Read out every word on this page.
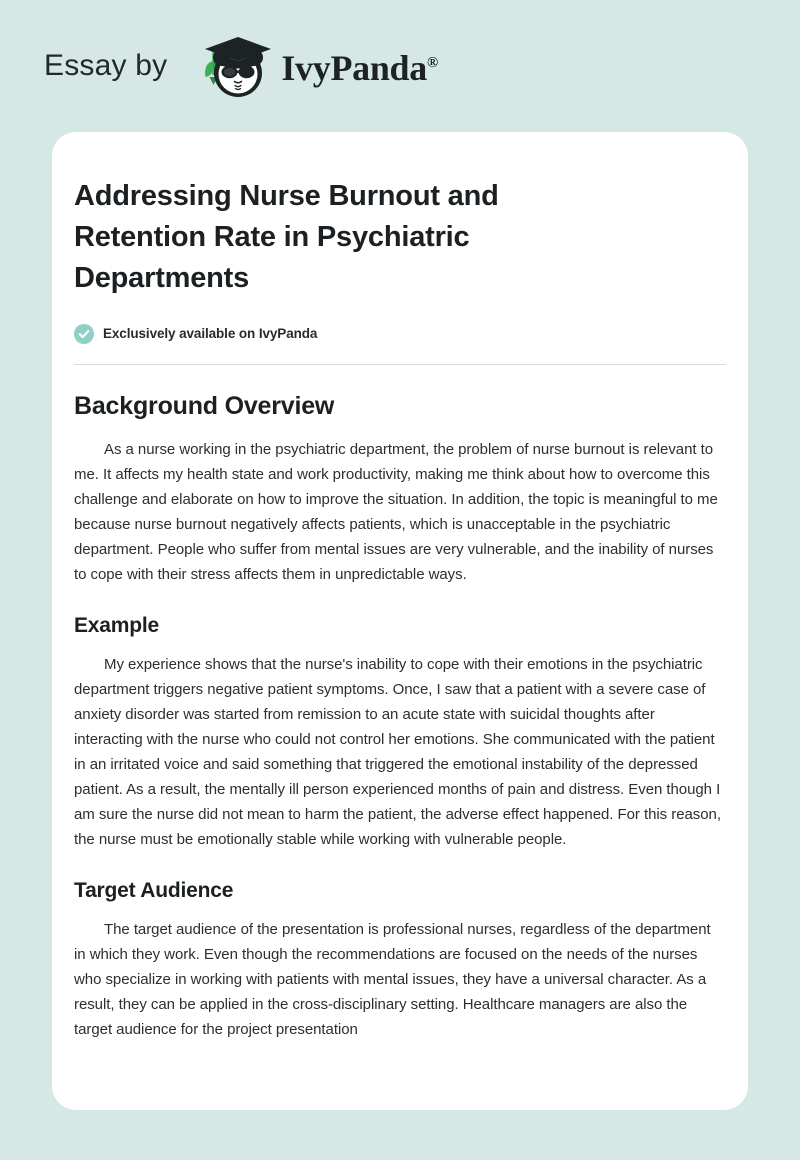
Essay by	IvyPanda®
Addressing Nurse Burnout and Retention Rate in Psychiatric Departments
Exclusively available on IvyPanda
Background Overview

As a nurse working in the psychiatric department, the problem of nurse burnout is relevant to me. It affects my health state and work productivity, making me think about how to overcome this challenge and elaborate on how to improve the situation. In addition, the topic is meaningful to me because nurse burnout negatively affects patients, which is unacceptable in the psychiatric department. People who suffer from mental issues are very vulnerable, and the inability of nurses to cope with their stress affects them in unpredictable ways.

Example

My experience shows that the nurse's inability to cope with their emotions in the psychiatric department triggers negative patient symptoms. Once, I saw that a patient with a severe case of anxiety disorder was started from remission to an acute state with suicidal thoughts after interacting with the nurse who could not control her emotions. She communicated with the patient in an irritated voice and said something that triggered the emotional instability of the depressed patient. As a result, the mentally ill person experienced months of pain and distress. Even though I am sure the nurse did not mean to harm the patient, the adverse effect happened. For this reason, the nurse must be emotionally stable while working with vulnerable people.

Target Audience

The target audience of the presentation is professional nurses, regardless of the department in which they work. Even though the recommendations are focused on the needs of the nurses who specialize in working with patients with mental issues, they have a universal character. As a result, they can be applied in the cross-disciplinary setting. Healthcare managers are also the target audience for the project presentation
